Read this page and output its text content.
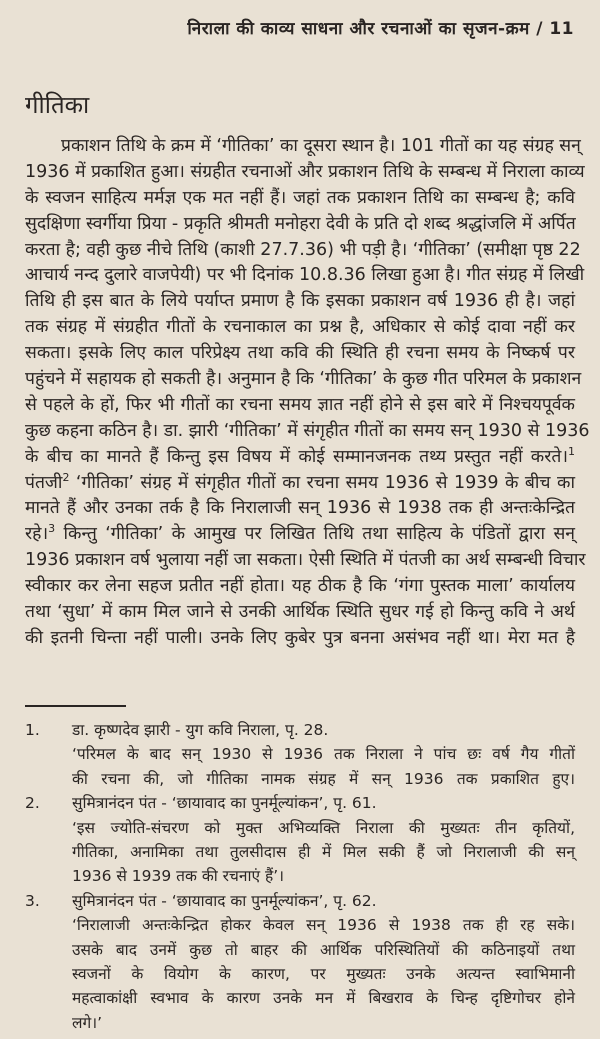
निराला की काव्य साधना और रचनाओं का सृजन-क्रम / 11
गीतिका
प्रकाशन तिथि के क्रम में ‘गीतिका’ का दूसरा स्थान है। 101 गीतों का यह संग्रह सन्
1936 में प्रकाशित हुआ। संग्रहीत रचनाओं और प्रकाशन तिथि के सम्बन्ध में निराला काव्य
के स्वजन साहित्य मर्मज्ञ एक मत नहीं हैं। जहां तक प्रकाशन तिथि का सम्बन्ध है; कवि
सुदक्षिणा स्वर्गीया प्रिया - प्रकृति श्रीमती मनोहरा देवी के प्रति दो शब्द श्रद्धांजलि में अर्पित
करता है; वही कुछ नीचे तिथि (काशी 27.7.36) भी पड़ी है। ‘गीतिका’ (समीक्षा पृष्ठ 22
आचार्य नन्द दुलारे वाजपेयी) पर भी दिनांक 10.8.36 लिखा हुआ है। गीत संग्रह में लिखी
तिथि ही इस बात के लिये पर्याप्त प्रमाण है कि इसका प्रकाशन वर्ष 1936 ही है। जहां
तक संग्रह में संग्रहीत गीतों के रचनाकाल का प्रश्न है, अधिकार से कोई दावा नहीं कर
सकता। इसके लिए काल परिप्रेक्ष्य तथा कवि की स्थिति ही रचना समय के निष्कर्ष पर
पहुंचने में सहायक हो सकती है। अनुमान है कि ‘गीतिका’ के कुछ गीत परिमल के प्रकाशन
से पहले के हों, फिर भी गीतों का रचना समय ज्ञात नहीं होने से इस बारे में निश्चयपूर्वक
कुछ कहना कठिन है। डा. झारी ‘गीतिका’ में संगृहीत गीतों का समय सन् 1930 से 1936
के बीच का मानते हैं किन्तु इस विषय में कोई सम्मानजनक तथ्य प्रस्तुत नहीं करते।$^1$
पंतजी$^2$ ‘गीतिका’ संग्रह में संगृहीत गीतों का रचना समय 1936 से 1939 के बीच का
मानते हैं और उनका तर्क है कि निरालाजी सन् 1936 से 1938 तक ही अन्तःकेन्द्रित
रहे।$^3$ किन्तु ‘गीतिका’ के आमुख पर लिखित तिथि तथा साहित्य के पंडितों द्वारा सन्
1936 प्रकाशन वर्ष भुलाया नहीं जा सकता। ऐसी स्थिति में पंतजी का अर्थ सम्बन्धी विचार
स्वीकार कर लेना सहज प्रतीत नहीं होता। यह ठीक है कि ‘गंगा पुस्तक माला’ कार्यालय
तथा ‘सुधा’ में काम मिल जाने से उनकी आर्थिक स्थिति सुधर गई हो किन्तु कवि ने अर्थ
की इतनी चिन्ता नहीं पाली। उनके लिए कुबेर पुत्र बनना असंभव नहीं था। मेरा मत है
1.	डा. कृष्णदेव झारी - युग कवि निराला, पृ. 28.
‘परिमल के बाद सन् 1930 से 1936 तक निराला ने पांच छः वर्ष गैय गीतों
की रचना की, जो गीतिका नामक संग्रह में सन् 1936 तक प्रकाशित हुए।
2.	सुमित्रानंदन पंत - ‘छायावाद का पुनर्मूल्यांकन’, पृ. 61.
‘इस ज्योति-संचरण को मुक्त अभिव्यक्ति निराला की मुख्यतः तीन कृतियों,
गीतिका, अनामिका तथा तुलसीदास ही में मिल सकी हैं जो निरालाजी की सन्
1936 से 1939 तक की रचनाएं हैं’।
3.	सुमित्रानंदन पंत - ‘छायावाद का पुनर्मूल्यांकन’, पृ. 62.
‘निरालाजी अन्तःकेन्द्रित होकर केवल सन् 1936 से 1938 तक ही रह सके।
उसके बाद उनमें कुछ तो बाहर की आर्थिक परिस्थितियों की कठिनाइयों तथा
स्वजनों के वियोग के कारण, पर मुख्यतः उनके अत्यन्त स्वाभिमानी
महत्वाकांक्षी स्वभाव के कारण उनके मन में बिखराव के चिन्ह दृष्टिगोचर होने
लगे।’
